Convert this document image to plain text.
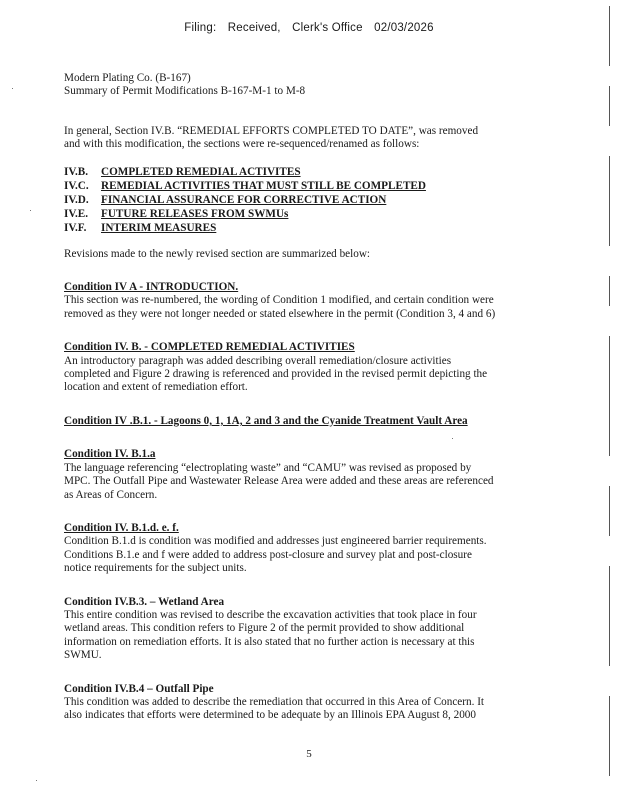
Filing: Received, Clerk's Office 02/03/2026
Modern Plating Co. (B-167)
Summary of Permit Modifications B-167-M-1 to M-8
In general, Section IV.B. “REMEDIAL EFFORTS COMPLETED TO DATE”, was removed
and with this modification, the sections were re-sequenced/renamed as follows:
IV.B. COMPLETED REMEDIAL ACTIVITES
IV.C. REMEDIAL ACTIVITIES THAT MUST STILL BE COMPLETED
IV.D. FINANCIAL ASSURANCE FOR CORRECTIVE ACTION
IV.E. FUTURE RELEASES FROM SWMUs
IV.F. INTERIM MEASURES
Revisions made to the newly revised section are summarized below:
Condition IV A - INTRODUCTION.
This section was re-numbered, the wording of Condition 1 modified, and certain condition were
removed as they were not longer needed or stated elsewhere in the permit (Condition 3, 4 and 6)
Condition IV. B. - COMPLETED REMEDIAL ACTIVITIES
An introductory paragraph was added describing overall remediation/closure activities
completed and Figure 2 drawing is referenced and provided in the revised permit depicting the
location and extent of remediation effort.
Condition IV .B.1. - Lagoons 0, 1, 1A, 2 and 3 and the Cyanide Treatment Vault Area
Condition IV. B.1.a
The language referencing “electroplating waste” and “CAMU” was revised as proposed by
MPC. The Outfall Pipe and Wastewater Release Area were added and these areas are referenced
as Areas of Concern.
Condition IV. B.1.d. e. f.
Condition B.1.d is condition was modified and addresses just engineered barrier requirements.
Conditions B.1.e and f were added to address post-closure and survey plat and post-closure
notice requirements for the subject units.
Condition IV.B.3. – Wetland Area
This entire condition was revised to describe the excavation activities that took place in four
wetland areas. This condition refers to Figure 2 of the permit provided to show additional
information on remediation efforts. It is also stated that no further action is necessary at this
SWMU.
Condition IV.B.4 – Outfall Pipe
This condition was added to describe the remediation that occurred in this Area of Concern. It
also indicates that efforts were determined to be adequate by an Illinois EPA August 8, 2000
5
